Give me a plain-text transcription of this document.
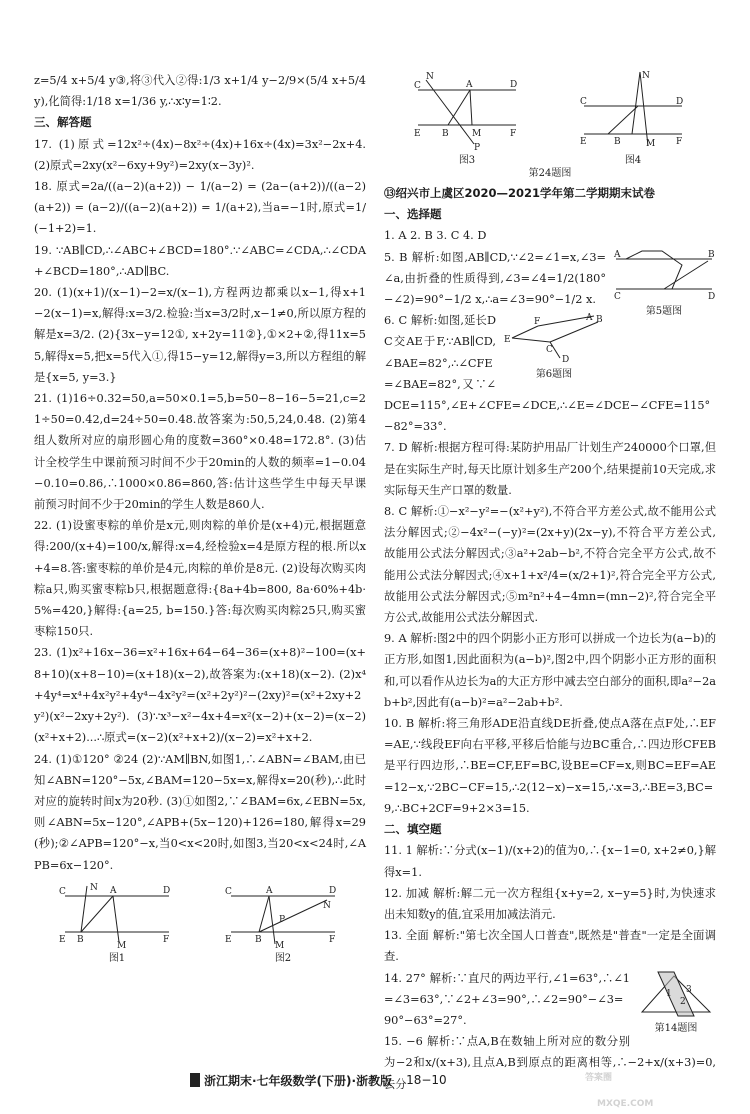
z=5/4 x+5/4 y③,将③代入②得:1/3 x+1/4 y−2/9×(5/4 x+5/4 y),化简得:1/18 x=1/36 y,∴x∶y=1∶2.

三、解答题

17. (1)原式=12x²÷(4x)−8x²÷(4x)+16x÷(4x)=3x²−2x+4. (2)原式=2xy(x²−6xy+9y²)=2xy(x−3y)².

18. 原式=2a/((a−2)(a+2)) − 1/(a−2) = (2a−(a+2))/((a−2)(a+2)) = (a−2)/((a−2)(a+2)) = 1/(a+2),当a=−1时,原式=1/(−1+2)=1.

19. ∵AB∥CD,∴∠ABC+∠BCD=180°.∵∠ABC=∠CDA,∴∠CDA+∠BCD=180°,∴AD∥BC.

20. (1)(x+1)/(x−1)−2=x/(x−1),方程两边都乘以x−1,得x+1−2(x−1)=x,解得:x=3/2.检验:当x=3/2时,x−1≠0,所以原方程的解是x=3/2. (2){3x−y=12①, x+2y=11②},①×2+②,得11x=55,解得x=5,把x=5代入①,得15−y=12,解得y=3,所以方程组的解是{x=5, y=3.}

21. (1)16÷0.32=50,a=50×0.1=5,b=50−8−16−5=21,c=21÷50=0.42,d=24÷50=0.48.故答案为:50,5,24,0.48. (2)第4组人数所对应的扇形圆心角的度数=360°×0.48=172.8°. (3)估计全校学生中课前预习时间不少于20min的人数的频率=1−0.04−0.10=0.86,∴1000×0.86=860,答:估计这些学生中每天早课前预习时间不少于20min的学生人数是860人.

22. (1)设蜜枣粽的单价是x元,则肉粽的单价是(x+4)元,根据题意得:200/(x+4)=100/x,解得:x=4,经检验x=4是原方程的根.所以x+4=8.答:蜜枣粽的单价是4元,肉粽的单价是8元. (2)设每次购买肉粽a只,购买蜜枣粽b只,根据题意得:{8a+4b=800, 8a·60%+4b·5%=420,}解得:{a=25, b=150.}答:每次购买肉粽25只,购买蜜枣粽150只.

23. (1)x²+16x−36=x²+16x+64−64−36=(x+8)²−100=(x+8+10)(x+8−10)=(x+18)(x−2),故答案为:(x+18)(x−2). (2)x⁴+4y⁴=x⁴+4x²y²+4y⁴−4x²y²=(x²+2y²)²−(2xy)²=(x²+2xy+2y²)(x²−2xy+2y²). (3)∵x³−x²−4x+4=x²(x−2)+(x−2)=(x−2)(x²+x+2)...∴原式=(x−2)(x²+x+2)/(x−2)=x²+x+2.

24. (1)①120° ②24 (2)∵AM∥BN,如图1,∴∠ABN=∠BAM,由已知∠ABN=120°−5x,∠BAM=120−5x=x,解得x=20(秒),∴此时对应的旋转时间x为20秒. (3)①如图2,∵∠BAM=6x,∠EBN=5x,则∠ABN=5x−120°,∠APB+(5x−120)+126=180,解得x=29(秒);②∠APB=120°−x,当0<x<20时,如图3,当20<x<24时,∠APB=6x−120°.

C	N A	D
E B
M
F
图1
C	A	D
N
P
E	B
M
F
图2
C
N
A	D
E B	M	F
P
图3
N
C	D
E	B	M F
图4

第24题图

⑬绍兴市上虞区2020—2021学年第二学期期末试卷

一、选择题

1. A 2. B 3. C 4. D

A	B
C	D
第5题图

5. B 解析:如图,AB∥CD,∵∠2=∠1=x,∠3=∠a,由折叠的性质得到,∠3=∠4=1/2(180°−∠2)=90°−1/2 x,∴a=∠3=90°−1/2 x.

E
F	B
C
D
A
第6题图

6. C 解析:如图,延长DC交AE于F,∵AB∥CD,∠BAE=82°,∴∠CFE=∠BAE=82°,又∵∠DCE=115°,∠E+∠CFE=∠DCE,∴∠E=∠DCE−∠CFE=115°−82°=33°.

7. D 解析:根据方程可得:某防护用品厂计划生产240000个口罩,但是在实际生产时,每天比原计划多生产200个,结果提前10天完成,求实际每天生产口罩的数量.

8. C 解析:①−x²−y²=−(x²+y²),不符合平方差公式,故不能用公式法分解因式;②−4x²−(−y)²=(2x+y)(2x−y),不符合平方差公式,故能用公式法分解因式;③a²+2ab−b²,不符合完全平方公式,故不能用公式法分解因式;④x+1+x²/4=(x/2+1)²,符合完全平方公式,故能用公式法分解因式;⑤m²n²+4−4mn=(mn−2)²,符合完全平方公式,故能用公式法分解因式.

9. A 解析:图2中的四个阴影小正方形可以拼成一个边长为(a−b)的正方形,如图1,因此面积为(a−b)²,图2中,四个阴影小正方形的面积和,可以看作从边长为a的大正方形中减去空白部分的面积,即a²−2ab+b²,因此有(a−b)²=a²−2ab+b².

10. B 解析:将三角形ADE沿直线DE折叠,使点A落在点F处,∴EF=AE,∵线段EF向右平移,平移后恰能与边BC重合,∴四边形CFEB是平行四边形,∴BE=CF,EF=BC,设BE=CF=x,则BC=EF=AE=12−x,∵2BC−CF=15,∴2(12−x)−x=15,∴x=3,∴BE=3,BC=9,∴BC+2CF=9+2×3=15.

二、填空题

11. 1 解析:∵分式(x−1)/(x+2)的值为0,∴{x−1=0, x+2≠0,}解得x=1.

12. 加减 解析:解二元一次方程组{x+y=2, x−y=5}时,为快速求出未知数y的值,宜采用加减法消元.

13. 全面 解析:"第七次全国人口普查",既然是"普查"一定是全面调查.

1
2
3
第14题图

14. 27° 解析:∵直尺的两边平行,∠1=63°,∴∠1=∠3=63°,∵∠2+∠3=90°,∴∠2=90°−∠3=90°−63°=27°.

15. −6 解析:∵点A,B在数轴上所对应的数分别为−2和x/(x+3),且点A,B到原点的距离相等,∴−2+x/(x+3)=0,去分

浙江期末·七年级数学(下册)·浙教版 18−10	答案圈
MXQE.COM
